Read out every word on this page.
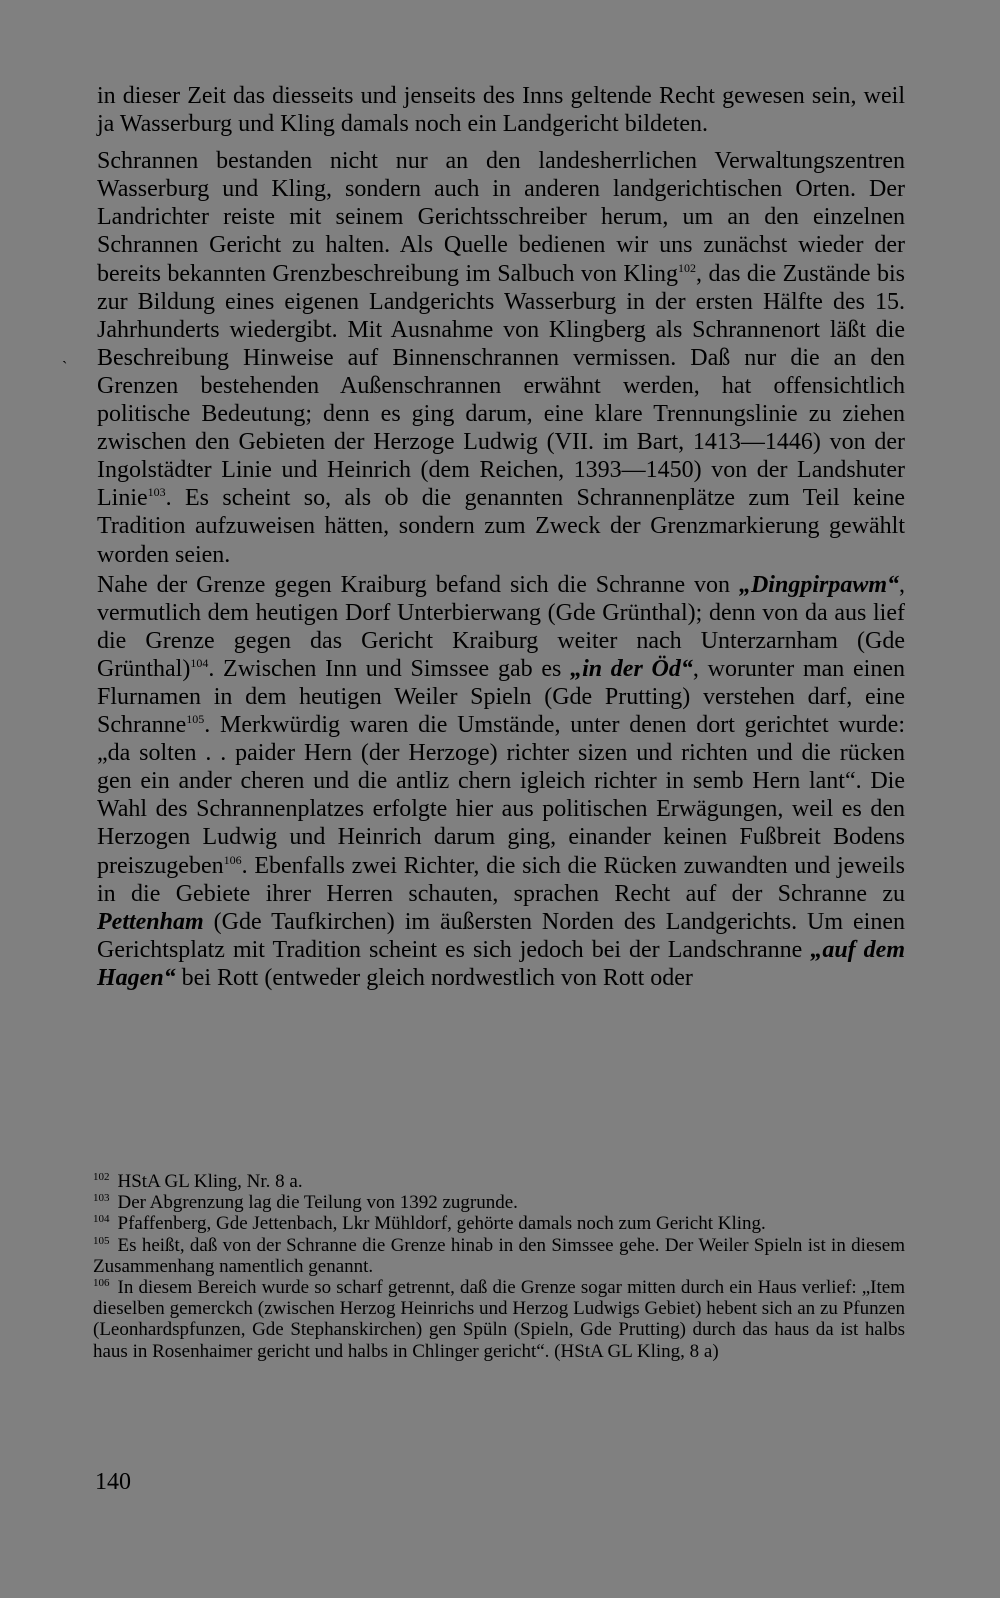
in dieser Zeit das diesseits und jenseits des Inns geltende Recht gewesen sein, weil ja Wasserburg und Kling damals noch ein Landgericht bildeten.

Schrannen bestanden nicht nur an den landesherrlichen Verwaltungszentren Wasserburg und Kling, sondern auch in anderen landgerichtischen Orten. Der Landrichter reiste mit seinem Gerichtsschreiber herum, um an den einzelnen Schrannen Gericht zu halten. Als Quelle bedienen wir uns zunächst wieder der bereits bekannten Grenzbeschreibung im Salbuch von Kling$^{102}$, das die Zustände bis zur Bildung eines eigenen Landgerichts Wasserburg in der ersten Hälfte des 15. Jahrhunderts wiedergibt. Mit Ausnahme von Klingberg als Schrannenort läßt die Beschreibung Hinweise auf Binnenschrannen vermissen. Daß nur die an den Grenzen bestehenden Außenschrannen erwähnt werden, hat offensichtlich politische Bedeutung; denn es ging darum, eine klare Trennungslinie zu ziehen zwischen den Gebieten der Herzoge Ludwig (VII. im Bart, 1413—1446) von der Ingolstädter Linie und Heinrich (dem Reichen, 1393—1450) von der Landshuter Linie$^{103}$. Es scheint so, als ob die genannten Schrannenplätze zum Teil keine Tradition aufzuweisen hätten, sondern zum Zweck der Grenzmarkierung gewählt worden seien.

Nahe der Grenze gegen Kraiburg befand sich die Schranne von „Dingpirpawm“, vermutlich dem heutigen Dorf Unterbierwang (Gde Grünthal); denn von da aus lief die Grenze gegen das Gericht Kraiburg weiter nach Unterzarnham (Gde Grünthal)$^{104}$. Zwischen Inn und Simssee gab es „in der Öd“, worunter man einen Flurnamen in dem heutigen Weiler Spieln (Gde Prutting) verstehen darf, eine Schranne$^{105}$. Merkwürdig waren die Umstände, unter denen dort gerichtet wurde: „da solten . . paider Hern (der Herzoge) richter sizen und richten und die rücken gen ein ander cheren und die antliz chern igleich richter in semb Hern lant“. Die Wahl des Schrannenplatzes erfolgte hier aus politischen Erwägungen, weil es den Herzogen Ludwig und Heinrich darum ging, einander keinen Fußbreit Bodens preiszugeben$^{106}$. Ebenfalls zwei Richter, die sich die Rücken zuwandten und jeweils in die Gebiete ihrer Herren schauten, sprachen Recht auf der Schranne zu Pettenham (Gde Taufkirchen) im äußersten Norden des Landgerichts. Um einen Gerichtsplatz mit Tradition scheint es sich jedoch bei der Landschranne „auf dem Hagen“ bei Rott (entweder gleich nordwestlich von Rott oder

`

$^{102}$ HStA GL Kling, Nr. 8 a.

$^{103}$ Der Abgrenzung lag die Teilung von 1392 zugrunde.

$^{104}$ Pfaffenberg, Gde Jettenbach, Lkr Mühldorf, gehörte damals noch zum Gericht Kling.

$^{105}$ Es heißt, daß von der Schranne die Grenze hinab in den Simssee gehe. Der Weiler Spieln ist in diesem Zusammenhang namentlich genannt.

$^{106}$ In diesem Bereich wurde so scharf getrennt, daß die Grenze sogar mitten durch ein Haus verlief: „Item dieselben gemerckch (zwischen Herzog Heinrichs und Herzog Ludwigs Gebiet) hebent sich an zu Pfunzen (Leonhardspfunzen, Gde Stephanskirchen) gen Spüln (Spieln, Gde Prutting) durch das haus da ist halbs haus in Rosenhaimer gericht und halbs in Chlinger gericht“. (HStA GL Kling, 8 a)

140
